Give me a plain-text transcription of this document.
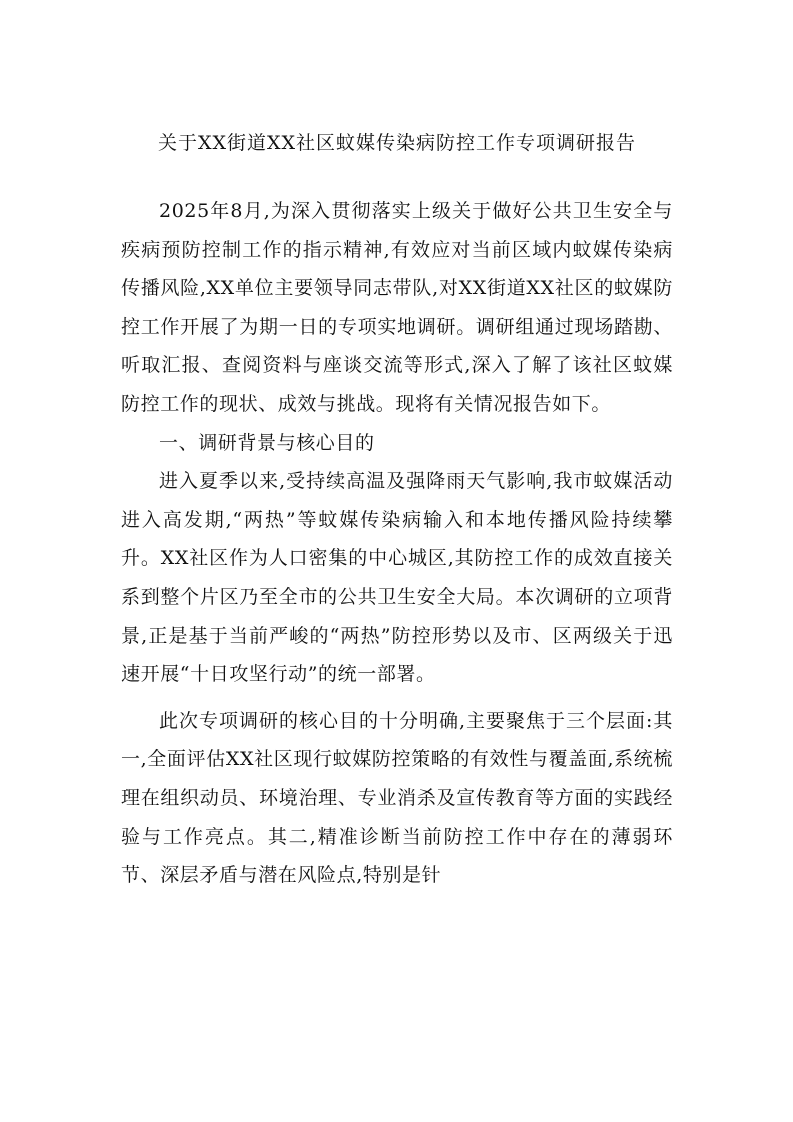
关于XX街道XX社区蚊媒传染病防控工作专项调研报告

2025年8月,为深入贯彻落实上级关于做好公共卫生安全与疾病预防控制工作的指示精神,有效应对当前区域内蚊媒传染病传播风险,XX单位主要领导同志带队,对XX街道XX社区的蚊媒防控工作开展了为期一日的专项实地调研。调研组通过现场踏勘、听取汇报、查阅资料与座谈交流等形式,深入了解了该社区蚊媒防控工作的现状、成效与挑战。现将有关情况报告如下。

一、调研背景与核心目的

进入夏季以来,受持续高温及强降雨天气影响,我市蚊媒活动进入高发期,“两热”等蚊媒传染病输入和本地传播风险持续攀升。XX社区作为人口密集的中心城区,其防控工作的成效直接关系到整个片区乃至全市的公共卫生安全大局。本次调研的立项背景,正是基于当前严峻的“两热”防控形势以及市、区两级关于迅速开展“十日攻坚行动”的统一部署。

此次专项调研的核心目的十分明确,主要聚焦于三个层面:其一,全面评估XX社区现行蚊媒防控策略的有效性与覆盖面,系统梳理在组织动员、环境治理、专业消杀及宣传教育等方面的实践经验与工作亮点。其二,精准诊断当前防控工作中存在的薄弱环节、深层矛盾与潜在风险点,特别是针
